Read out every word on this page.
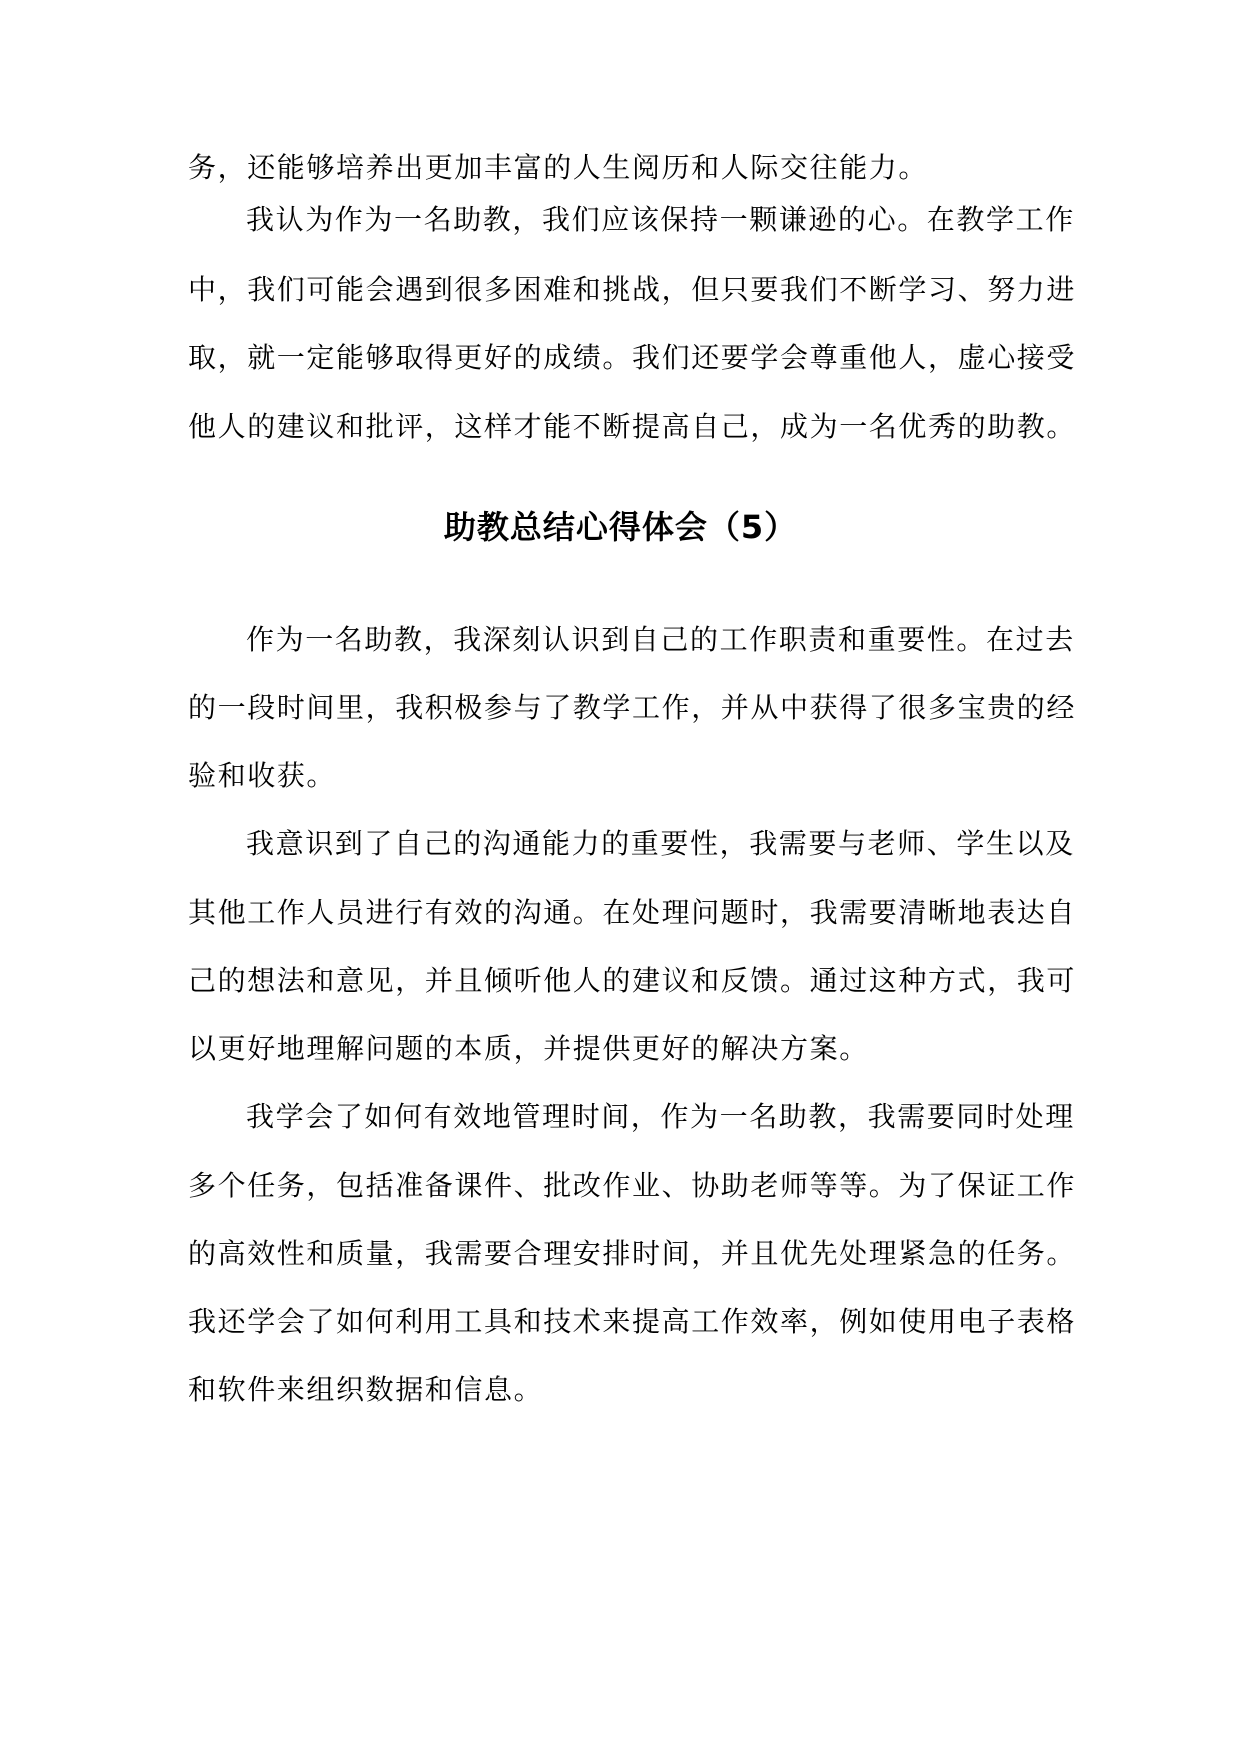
务，还能够培养出更加丰富的人生阅历和人际交往能力。
我认为作为一名助教，我们应该保持一颗谦逊的心。在教学工作
中，我们可能会遇到很多困难和挑战，但只要我们不断学习、努力进
取，就一定能够取得更好的成绩。我们还要学会尊重他人，虚心接受
他人的建议和批评，这样才能不断提高自己，成为一名优秀的助教。
助教总结心得体会（5）
作为一名助教，我深刻认识到自己的工作职责和重要性。在过去
的一段时间里，我积极参与了教学工作，并从中获得了很多宝贵的经
验和收获。
我意识到了自己的沟通能力的重要性，我需要与老师、学生以及
其他工作人员进行有效的沟通。在处理问题时，我需要清晰地表达自
己的想法和意见，并且倾听他人的建议和反馈。通过这种方式，我可
以更好地理解问题的本质，并提供更好的解决方案。
我学会了如何有效地管理时间，作为一名助教，我需要同时处理
多个任务，包括准备课件、批改作业、协助老师等等。为了保证工作
的高效性和质量，我需要合理安排时间，并且优先处理紧急的任务。
我还学会了如何利用工具和技术来提高工作效率，例如使用电子表格
和软件来组织数据和信息。
